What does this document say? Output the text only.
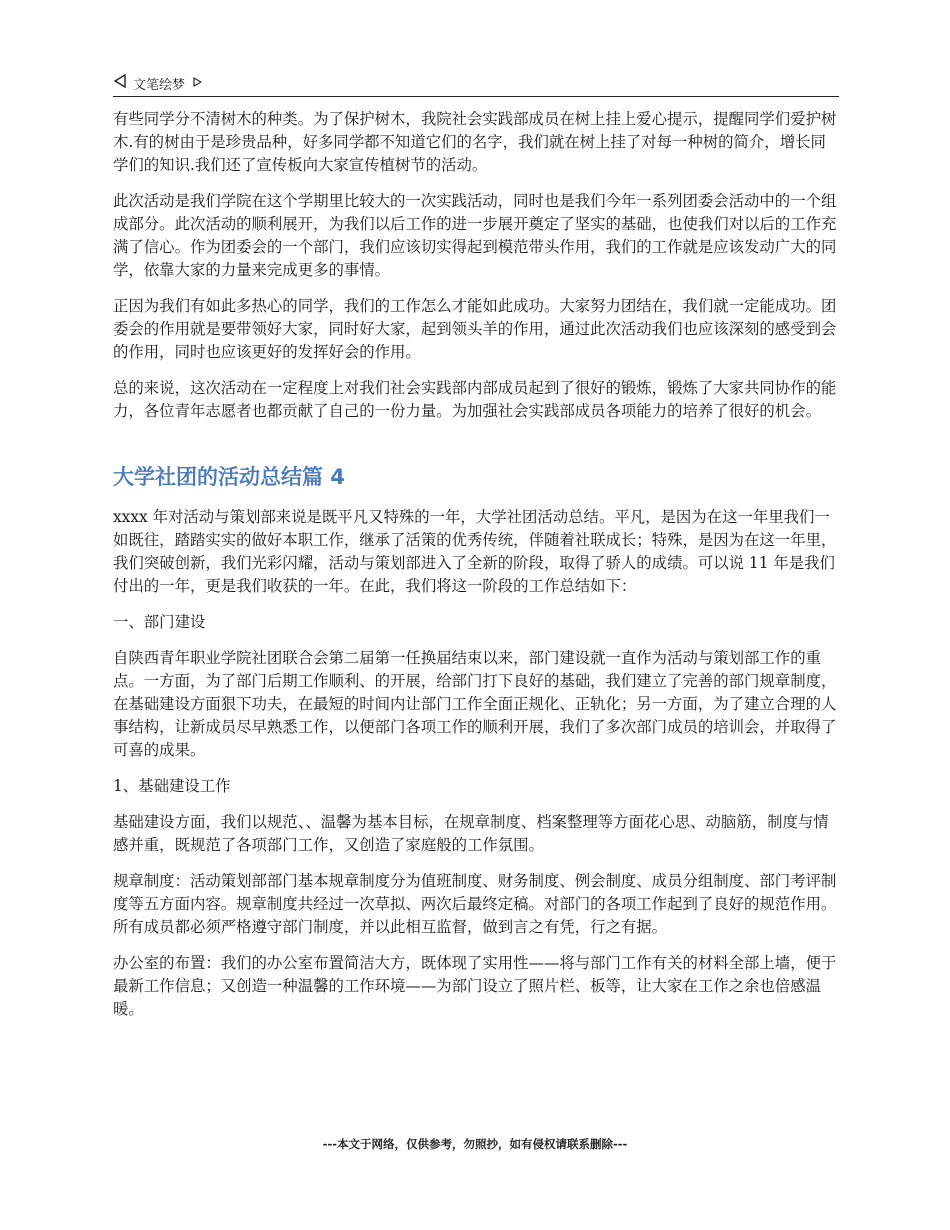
文笔绘梦

有些同学分不清树木的种类。为了保护树木，我院社会实践部成员在树上挂上爱心提示，提醒同学们爱护树木.有的树由于是珍贵品种，好多同学都不知道它们的名字，我们就在树上挂了对每一种树的简介，增长同学们的知识.我们还了宣传板向大家宣传植树节的活动。

此次活动是我们学院在这个学期里比较大的一次实践活动，同时也是我们今年一系列团委会活动中的一个组成部分。此次活动的顺利展开，为我们以后工作的进一步展开奠定了坚实的基础，也使我们对以后的工作充满了信心。作为团委会的一个部门，我们应该切实得起到模范带头作用，我们的工作就是应该发动广大的同学，依靠大家的力量来完成更多的事情。

正因为我们有如此多热心的同学，我们的工作怎么才能如此成功。大家努力团结在，我们就一定能成功。团委会的作用就是要带领好大家，同时好大家，起到领头羊的作用，通过此次活动我们也应该深刻的感受到会的作用，同时也应该更好的发挥好会的作用。

总的来说，这次活动在一定程度上对我们社会实践部内部成员起到了很好的锻炼，锻炼了大家共同协作的能力，各位青年志愿者也都贡献了自己的一份力量。为加强社会实践部成员各项能力的培养了很好的机会。

大学社团的活动总结篇 4

xxxx 年对活动与策划部来说是既平凡又特殊的一年，大学社团活动总结。平凡，是因为在这一年里我们一如既往，踏踏实实的做好本职工作，继承了活策的优秀传统，伴随着社联成长；特殊，是因为在这一年里，我们突破创新，我们光彩闪耀，活动与策划部进入了全新的阶段，取得了骄人的成绩。可以说 11 年是我们付出的一年，更是我们收获的一年。在此，我们将这一阶段的工作总结如下：

一、部门建设

自陕西青年职业学院社团联合会第二届第一任换届结束以来，部门建设就一直作为活动与策划部工作的重点。一方面，为了部门后期工作顺利、的开展，给部门打下良好的基础，我们建立了完善的部门规章制度，在基础建设方面狠下功夫，在最短的时间内让部门工作全面正规化、正轨化；另一方面，为了建立合理的人事结构，让新成员尽早熟悉工作，以便部门各项工作的顺利开展，我们了多次部门成员的培训会，并取得了可喜的成果。

1、基础建设工作

基础建设方面，我们以规范、、温馨为基本目标，在规章制度、档案整理等方面花心思、动脑筋，制度与情感并重，既规范了各项部门工作，又创造了家庭般的工作氛围。

规章制度：活动策划部部门基本规章制度分为值班制度、财务制度、例会制度、成员分组制度、部门考评制度等五方面内容。规章制度共经过一次草拟、两次后最终定稿。对部门的各项工作起到了良好的规范作用。所有成员都必须严格遵守部门制度，并以此相互监督，做到言之有凭，行之有据。

办公室的布置：我们的办公室布置简洁大方，既体现了实用性——将与部门工作有关的材料全部上墙，便于最新工作信息；又创造一种温馨的工作环境——为部门设立了照片栏、板等，让大家在工作之余也倍感温暖。

---本文于网络，仅供参考，勿照抄，如有侵权请联系删除---
